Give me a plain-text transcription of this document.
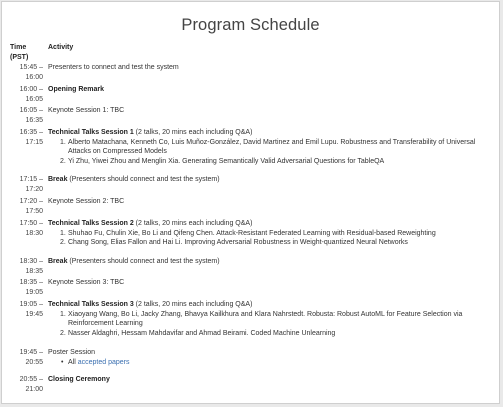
Program Schedule
Time
(PST)
Activity
15:45 –
16:00
Presenters to connect and test the system
16:00 –
16:05
Opening Remark
16:05 –
16:35
Keynote Session 1: TBC
16:35 –
17:15
Technical Talks Session 1 (2 talks, 20 mins each including Q&A)
1. Alberto Matachana, Kenneth Co, Luis Muñoz-González, David Martinez and Emil Lupu. Robustness and Transferability of Universal Attacks on Compressed Models
2. Yi Zhu, Yiwei Zhou and Menglin Xia. Generating Semantically Valid Adversarial Questions for TableQA
17:15 –
17:20
Break (Presenters should connect and test the system)
17:20 –
17:50
Keynote Session 2: TBC
17:50 –
18:30
Technical Talks Session 2 (2 talks, 20 mins each including Q&A)
1. Shuhao Fu, Chulin Xie, Bo Li and Qifeng Chen. Attack-Resistant Federated Learning with Residual-based Reweighting
2. Chang Song, Elias Fallon and Hai Li. Improving Adversarial Robustness in Weight-quantized Neural Networks
18:30 –
18:35
Break (Presenters should connect and test the system)
18:35 –
19:05
Keynote Session 3: TBC
19:05 –
19:45
Technical Talks Session 3 (2 talks, 20 mins each including Q&A)
1. Xiaoyang Wang, Bo Li, Jacky Zhang, Bhavya Kailkhura and Klara Nahrstedt. Robusta: Robust AutoML for Feature Selection via Reinforcement Learning
2. Nasser Aldaghri, Hessam Mahdavifar and Ahmad Beirami. Coded Machine Unlearning
19:45 –
20:55
Poster Session
• All accepted papers
20:55 –
21:00
Closing Ceremony
